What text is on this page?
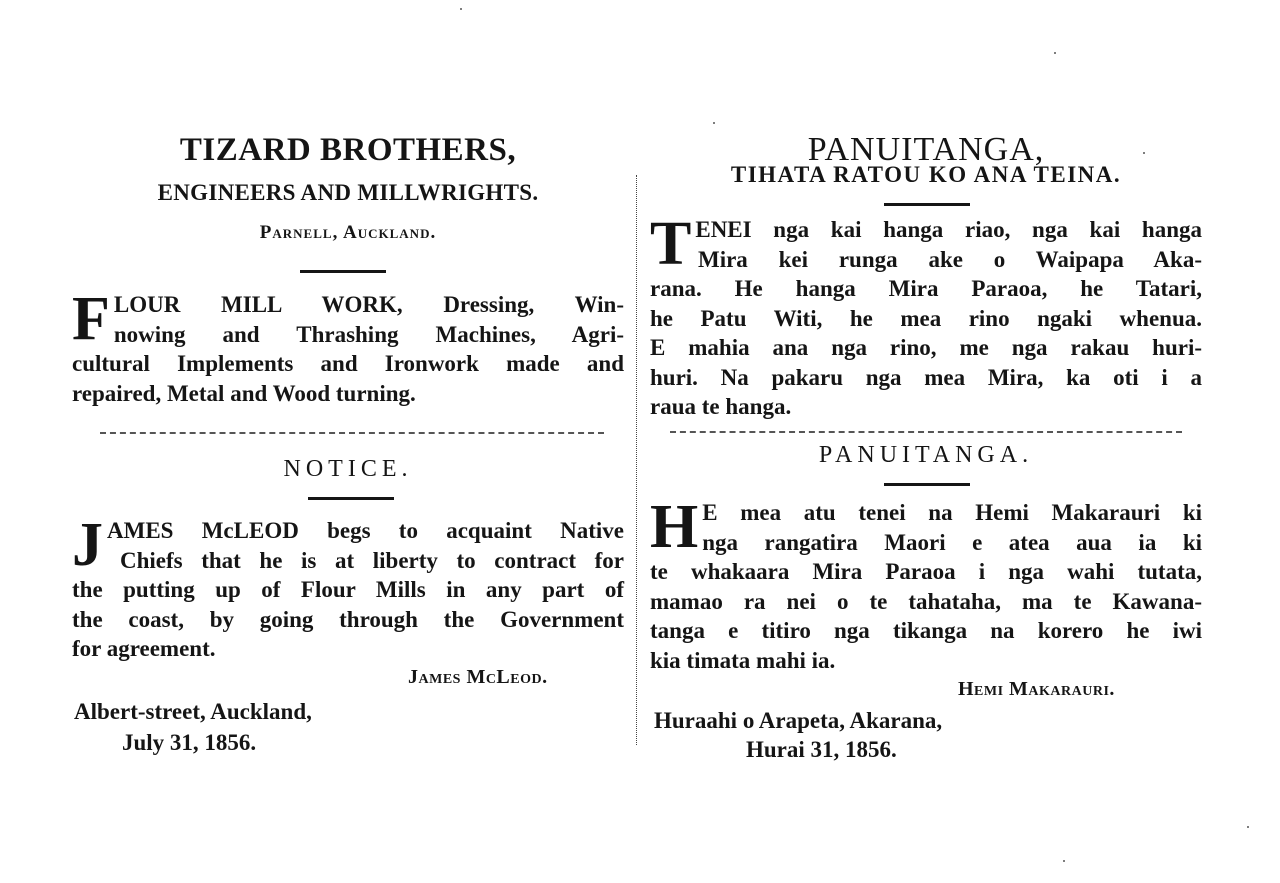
TIZARD BROTHERS,
ENGINEERS AND MILLWRIGHTS.
Parnell, Auckland.
F LOUR MILL WORK, Dressing, Win-
nowing and Thrashing Machines, Agri-
cultural Implements and Ironwork made and
repaired, Metal and Wood turning.
NOTICE.
J AMES McLEOD begs to acquaint Native
Chiefs that he is at liberty to contract for
the putting up of Flour Mills in any part of
the coast, by going through the Government
for agreement.
James McLeod.
Albert-street, Auckland,
July 31, 1856.
PANUITANGA,
TIHATA RATOU KO ANA TEINA.
T ENEI nga kai hanga riao, nga kai hanga
Mira kei runga ake o Waipapa Aka-
rana. He hanga Mira Paraoa, he Tatari,
he Patu Witi, he mea rino ngaki whenua.
E mahia ana nga rino, me nga rakau huri-
huri. Na pakaru nga mea Mira, ka oti i a
raua te hanga.
PANUITANGA.
H E mea atu tenei na Hemi Makarauri ki
nga rangatira Maori e atea aua ia ki
te whakaara Mira Paraoa i nga wahi tutata,
mamao ra nei o te tahataha, ma te Kawana-
tanga e titiro nga tikanga na korero he iwi
kia timata mahi ia.
Hemi Makarauri.
Huraahi o Arapeta, Akarana,
Hurai 31, 1856.
